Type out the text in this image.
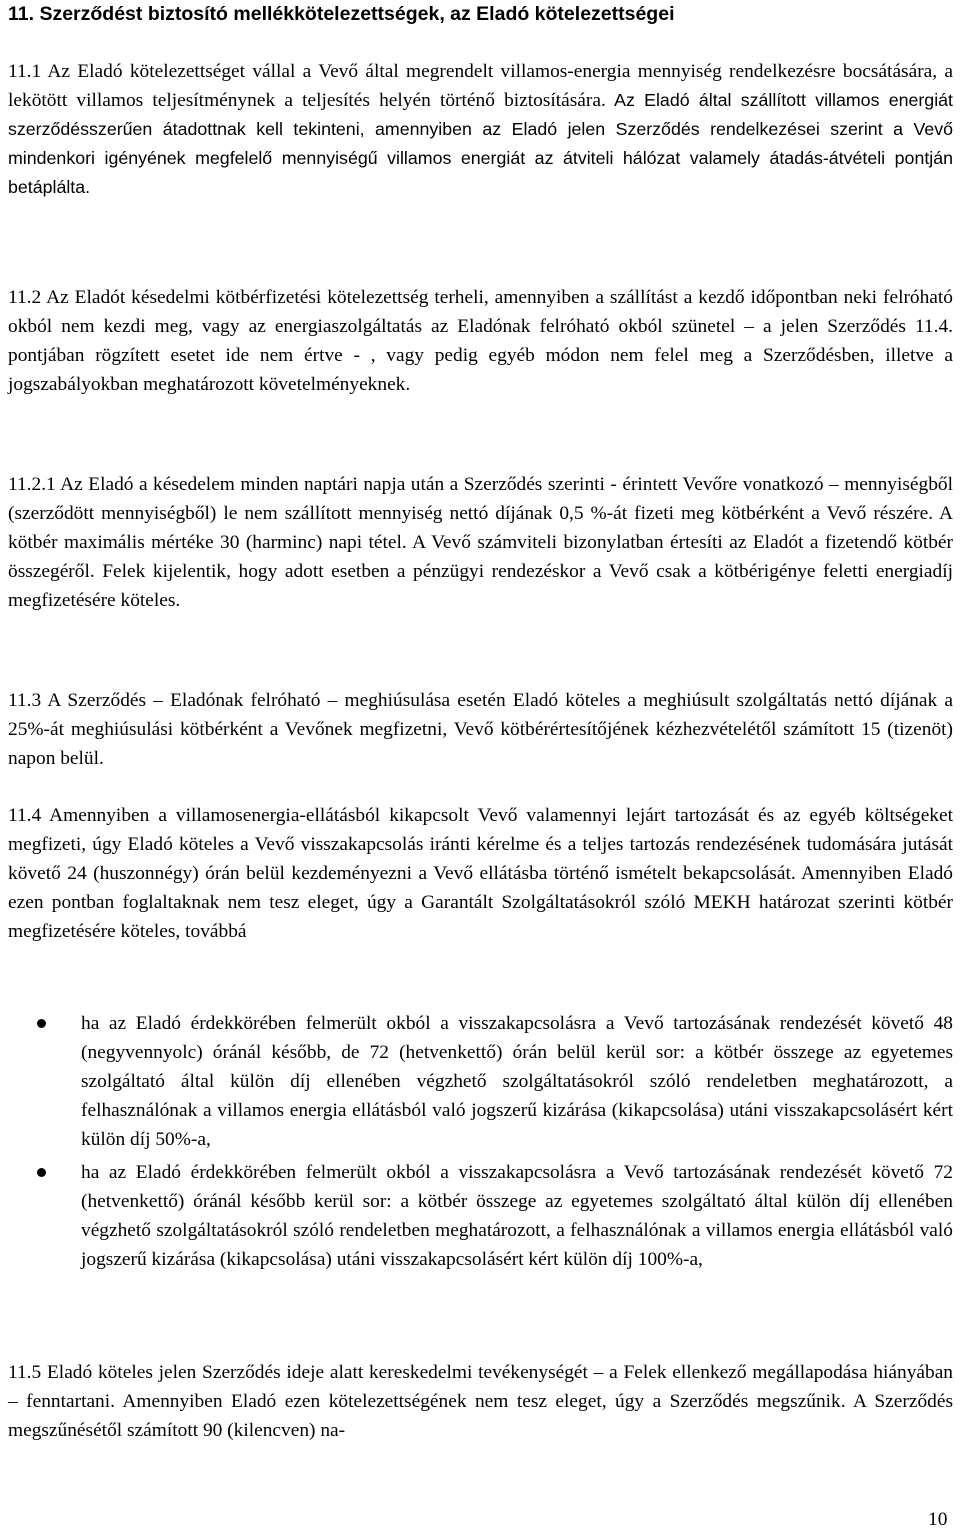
11. Szerződést biztosító mellékkötelezettségek, az Eladó kötelezettségei

11.1 Az Eladó kötelezettséget vállal a Vevő által megrendelt villamos-energia mennyiség rendelkezésre bocsátására, a lekötött villamos teljesítménynek a teljesítés helyén történő biztosítására. Az Eladó által szállított villamos energiát szerződésszerűen átadottnak kell tekinteni, amennyiben az Eladó jelen Szerződés rendelkezései szerint a Vevő mindenkori igényének megfelelő mennyiségű villamos energiát az átviteli hálózat valamely átadás-átvételi pontján betáplálta.

11.2 Az Eladót késedelmi kötbérfizetési kötelezettség terheli, amennyiben a szállítást a kezdő időpontban neki felróható okból nem kezdi meg, vagy az energiaszolgáltatás az Eladónak felróható okból szünetel – a jelen Szerződés 11.4. pontjában rögzített esetet ide nem értve - , vagy pedig egyéb módon nem felel meg a Szerződésben, illetve a jogszabályokban meghatározott követelményeknek.

11.2.1 Az Eladó a késedelem minden naptári napja után a Szerződés szerinti - érintett Vevőre vonatkozó – mennyiségből (szerződött mennyiségből) le nem szállított mennyiség nettó díjának 0,5 %-át fizeti meg kötbérként a Vevő részére. A kötbér maximális mértéke 30 (harminc) napi tétel. A Vevő számviteli bizonylatban értesíti az Eladót a fizetendő kötbér összegéről. Felek kijelentik, hogy adott esetben a pénzügyi rendezéskor a Vevő csak a kötbérigénye feletti energiadíj megfizetésére köteles.

11.3 A Szerződés – Eladónak felróható – meghiúsulása esetén Eladó köteles a meghiúsult szolgáltatás nettó díjának a 25%-át meghiúsulási kötbérként a Vevőnek megfizetni, Vevő kötbérértesítőjének kézhezvételétől számított 15 (tizenöt) napon belül.

11.4 Amennyiben a villamosenergia-ellátásból kikapcsolt Vevő valamennyi lejárt tartozását és az egyéb költségeket megfizeti, úgy Eladó köteles a Vevő visszakapcsolás iránti kérelme és a teljes tartozás rendezésének tudomására jutását követő 24 (huszonnégy) órán belül kezdeményezni a Vevő ellátásba történő ismételt bekapcsolását. Amennyiben Eladó ezen pontban foglaltaknak nem tesz eleget, úgy a Garantált Szolgáltatásokról szóló MEKH határozat szerinti kötbér megfizetésére köteles, továbbá

ha az Eladó érdekkörében felmerült okból a visszakapcsolásra a Vevő tartozásának rendezését követő 48 (negyvennyolc) óránál később, de 72 (hetvenkettő) órán belül kerül sor: a kötbér összege az egyetemes szolgáltató által külön díj ellenében végzhető szolgáltatásokról szóló rendeletben meghatározott, a felhasználónak a villamos energia ellátásból való jogszerű kizárása (kikapcsolása) utáni visszakapcsolásért kért külön díj 50%-a,
ha az Eladó érdekkörében felmerült okból a visszakapcsolásra a Vevő tartozásának rendezését követő 72 (hetvenkettő) óránál később kerül sor: a kötbér összege az egyetemes szolgáltató által külön díj ellenében végzhető szolgáltatásokról szóló rendeletben meghatározott, a felhasználónak a villamos energia ellátásból való jogszerű kizárása (kikapcsolása) utáni visszakapcsolásért kért külön díj 100%-a,

11.5 Eladó köteles jelen Szerződés ideje alatt kereskedelmi tevékenységét – a Felek ellenkező megállapodása hiányában – fenntartani. Amennyiben Eladó ezen kötelezettségének nem tesz eleget, úgy a Szerződés megszűnik. A Szerződés megszűnésétől számított 90 (kilencven) na-

10
